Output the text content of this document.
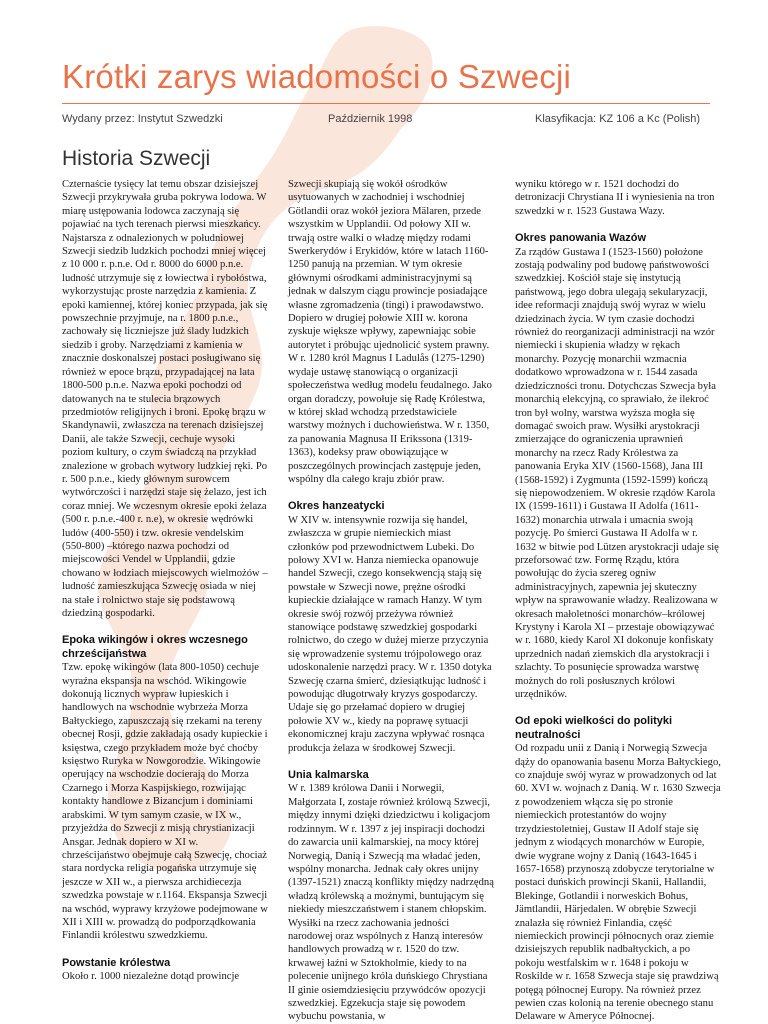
Krótki zarys wiadomości o Szwecji
Wydany przez: Instytut Szwedzki	Październik 1998	Klasyfikacja: KZ 106 a Kc (Polish)
Historia Szwecji

Czternaście tysięcy lat temu obszar dzisiejszej Szwecji przykrywała gruba pokrywa lodowa. W miarę ustępowania lodowca zaczynają się pojawiać na tych terenach pierwsi mieszkańcy. Najstarsza z odnalezionych w południowej Szwecji siedzib ludzkich pochodzi mniej więcej z 10 000 r. p.n.e. Od r. 8000 do 6000 p.n.e. ludność utrzymuje się z łowiectwa i rybołóstwa, wykorzystując proste narzędzia z kamienia. Z epoki kamiennej, której koniec przypada, jak się powszechnie przyjmuje, na r. 1800 p.n.e., zachowały się liczniejsze już ślady ludzkich siedzib i groby. Narzędziami z kamienia w znacznie doskonalszej postaci posługiwano się również w epoce brązu, przypadającej na lata 1800-500 p.n.e. Nazwa epoki pochodzi od datowanych na te stulecia brązowych przedmiotów religijnych i broni. Epokę brązu w Skandynawii, zwłaszcza na terenach dzisiejszej Danii, ale także Szwecji, cechuje wysoki poziom kultury, o czym świadczą na przykład znalezione w grobach wytwory ludzkiej ręki. Po r. 500 p.n.e., kiedy głównym surowcem wytwórczości i narzędzi staje się żelazo, jest ich coraz mniej. We wczesnym okresie epoki żelaza (500 r. p.n.e.-400 r. n.e), w okresie wędrówki ludów (400-550) i tzw. okresie vendelskim (550-800) –którego nazwa pochodzi od miejscowości Vendel w Upplandii, gdzie chowano w łodziach miejscowych wielmożów – ludność zamieszkująca Szwecję osiada w niej na stałe i rolnictwo staje się podstawową dziedziną gospodarki.

Epoka wikingów i okres wczesnego chrześcijaństwa

Tzw. epokę wikingów (lata 800-1050) cechuje wyraźna ekspansja na wschód. Wikingowie dokonują licznych wypraw łupieskich i handlowych na wschodnie wybrzeża Morza Bałtyckiego, zapuszczają się rzekami na tereny obecnej Rosji, gdzie zakładają osady kupieckie i księstwa, czego przykładem może być choćby księstwo Ruryka w Nowgorodzie. Wikingowie operujący na wschodzie docierają do Morza Czarnego i Morza Kaspijskiego, rozwijając kontakty handlowe z Bizancjum i dominiami arabskimi. W tym samym czasie, w IX w., przyjeżdża do Szwecji z misją chrystianizacji Ansgar. Jednak dopiero w XI w. chrześcijaństwo obejmuje całą Szwecję, chociaż stara nordycka religia pogańska utrzymuje się jeszcze w XII w., a pierwsza archidiecezja szwedzka powstaje w r.1164. Ekspansja Szwecji na wschód, wyprawy krzyżowe podejmowane w XII i XIII w. prowadzą do podporządkowania Finlandii królestwu szwedzkiemu.

Powstanie królestwa

Około r. 1000 niezależne dotąd prowincje

Szwecji skupiają się wokół ośrodków usytuowanych w zachodniej i wschodniej Götlandii oraz wokół jeziora Mälaren, przede wszystkim w Upplandii. Od połowy XII w. trwają ostre walki o władzę między rodami Swerkerydów i Erykidów, które w latach 1160-1250 panują na przemian. W tym okresie głównymi ośrodkami administracyjnymi są jednak w dalszym ciągu prowincje posiadające własne zgromadzenia (tingi) i prawodawstwo. Dopiero w drugiej połowie XIII w. korona zyskuje większe wpływy, zapewniając sobie autorytet i próbując ujednolicić system prawny. W r. 1280 król Magnus I Ladulås (1275-1290) wydaje ustawę stanowiącą o organizacji społeczeństwa według modelu feudalnego. Jako organ doradczy, powołuje się Radę Królestwa, w której skład wchodzą przedstawiciele warstwy możnych i duchowieństwa. W r. 1350, za panowania Magnusa II Erikssona (1319-1363), kodeksy praw obowiązujące w poszczególnych prowincjach zastępuje jeden, wspólny dla całego kraju zbiór praw.

Okres hanzeatycki

W XIV w. intensywnie rozwija się handel, zwłaszcza w grupie niemieckich miast członków pod przewodnictwem Lubeki. Do połowy XVI w. Hanza niemiecka opanowuje handel Szwecji, czego konsekwencją stają się powstałe w Szwecji nowe, prężne ośrodki kupieckie działające w ramach Hanzy. W tym okresie swój rozwój przeżywa również stanowiące podstawę szwedzkiej gospodarki rolnictwo, do czego w dużej mierze przyczynia się wprowadzenie systemu trójpolowego oraz udoskonalenie narzędzi pracy. W r. 1350 dotyka Szwecję czarna śmierć, dziesiątkując ludność i powodując długotrwały kryzys gospodarczy. Udaje się go przełamać dopiero w drugiej połowie XV w., kiedy na poprawę sytuacji ekonomicznej kraju zaczyna wpływać rosnąca produkcja żelaza w środkowej Szwecji.

Unia kalmarska

W r. 1389 królowa Danii i Norwegii, Małgorzata I, zostaje również królową Szwecji, między innymi dzięki dziedzictwu i koligacjom rodzinnym. W r. 1397 z jej inspiracji dochodzi do zawarcia unii kalmarskiej, na mocy której Norwegią, Danią i Szwecją ma władać jeden, wspólny monarcha. Jednak cały okres unijny (1397-1521) znaczą konflikty między nadrzędną władzą królewską a możnymi, buntującym się niekiedy mieszczaństwem i stanem chłopskim. Wysiłki na rzecz zachowania jedności narodowej oraz wspólnych z Hanzą interesów handlowych prowadzą w r. 1520 do tzw. krwawej łaźni w Sztokholmie, kiedy to na polecenie unijnego króla duńskiego Chrystiana II ginie osiemdziesięciu przywódców opozycji szwedzkiej. Egzekucja staje się powodem wybuchu powstania, w

wyniku którego w r. 1521 dochodzi do detronizacji Chrystiana II i wyniesienia na tron szwedzki w r. 1523 Gustawa Wazy.

Okres panowania Wazów

Za rządów Gustawa I (1523-1560) położone zostają podwaliny pod budowę państwowości szwedzkiej. Kościół staje się instytucją państwową, jego dobra ulegają sekularyzacji, idee reformacji znajdują swój wyraz w wielu dziedzinach życia. W tym czasie dochodzi również do reorganizacji administracji na wzór niemiecki i skupienia władzy w rękach monarchy. Pozycję monarchii wzmacnia dodatkowo wprowadzona w r. 1544 zasada dziedziczności tronu. Dotychczas Szwecja była monarchią elekcyjną, co sprawiało, że ilekroć tron był wolny, warstwa wyższa mogła się domagać swoich praw. Wysiłki arystokracji zmierzające do ograniczenia uprawnień monarchy na rzecz Rady Królestwa za panowania Eryka XIV (1560-1568), Jana III (1568-1592) i Zygmunta (1592-1599) kończą się niepowodzeniem. W okresie rządów Karola IX (1599-1611) i Gustawa II Adolfa (1611-1632) monarchia utrwala i umacnia swoją pozycję. Po śmierci Gustawa II Adolfa w r. 1632 w bitwie pod Lützen arystokracji udaje się przeforsować tzw. Formę Rządu, która powołując do życia szereg ogniw administracyjnych, zapewnia jej skuteczny wpływ na sprawowanie władzy. Realizowana w okresach małoletności monarchów–królowej Krystyny i Karola XI – przestaje obowiązywać w r. 1680, kiedy Karol XI dokonuje konfiskaty uprzednich nadań ziemskich dla arystokracji i szlachty. To posunięcie sprowadza warstwę możnych do roli posłusznych królowi urzędników.

Od epoki wielkości do polityki neutralności

Od rozpadu unii z Danią i Norwegią Szwecja dąży do opanowania basenu Morza Bałtyckiego, co znajduje swój wyraz w prowadzonych od lat 60. XVI w. wojnach z Danią. W r. 1630 Szwecja z powodzeniem włącza się po stronie niemieckich protestantów do wojny trzydziestoletniej, Gustaw II Adolf staje się jednym z wiodących monarchów w Europie, dwie wygrane wojny z Danią (1643-1645 i 1657-1658) przynoszą zdobycze terytorialne w postaci duńskich prowincji Skanii, Hallandii, Blekinge, Gotlandii i norweskich Bohus, Jämtlandii, Härjedalen. W obrębie Szwecji znalazła się również Finlandia, część niemieckich prowincji północnych oraz ziemie dzisiejszych republik nadbałtyckich, a po pokoju westfalskim w r. 1648 i pokoju w Roskilde w r. 1658 Szwecja staje się prawdziwą potęgą północnej Europy. Na również przez pewien czas kolonią na terenie obecnego stanu Delaware w Ameryce Północnej.
